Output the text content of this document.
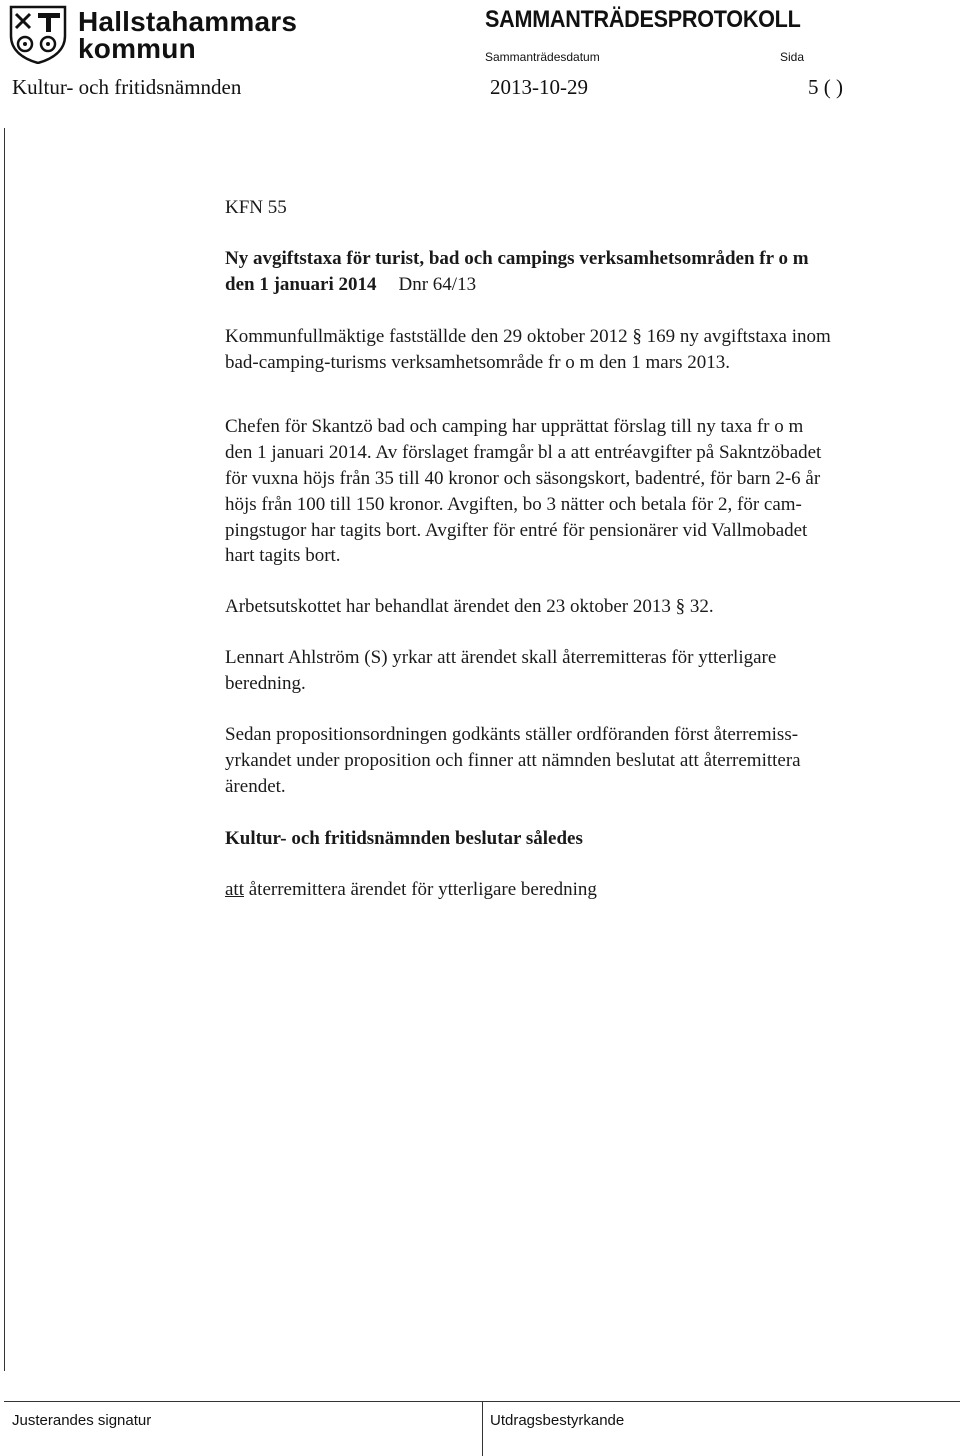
Hallstahammars
kommun
SAMMANTRÄDESPROTOKOLL
Sammanträdesdatum	Sida
Kultur- och fritidsnämnden	2013-10-29	5 ( )
KFN 55
Ny avgiftstaxa för turist, bad och campings verksamhetsområden fr o m
den 1 januari 2014 Dnr 64/13
Kommunfullmäktige fastställde den 29 oktober 2012 § 169 ny avgiftstaxa inom
bad-camping-turisms verksamhetsområde fr o m den 1 mars 2013.
Chefen för Skantzö bad och camping har upprättat förslag till ny taxa fr o m
den 1 januari 2014. Av förslaget framgår bl a att entréavgifter på Sakntzöbadet
för vuxna höjs från 35 till 40 kronor och säsongskort, badentré, för barn 2-6 år
höjs från 100 till 150 kronor. Avgiften, bo 3 nätter och betala för 2, för cam-
pingstugor har tagits bort. Avgifter för entré för pensionärer vid Vallmobadet
hart tagits bort.
Arbetsutskottet har behandlat ärendet den 23 oktober 2013 § 32.
Lennart Ahlström (S) yrkar att ärendet skall återremitteras för ytterligare
beredning.
Sedan propositionsordningen godkänts ställer ordföranden först återremiss-
yrkandet under proposition och finner att nämnden beslutat att återremittera
ärendet.
Kultur- och fritidsnämnden beslutar således
att återremittera ärendet för ytterligare beredning
Justerandes signatur	Utdragsbestyrkande
